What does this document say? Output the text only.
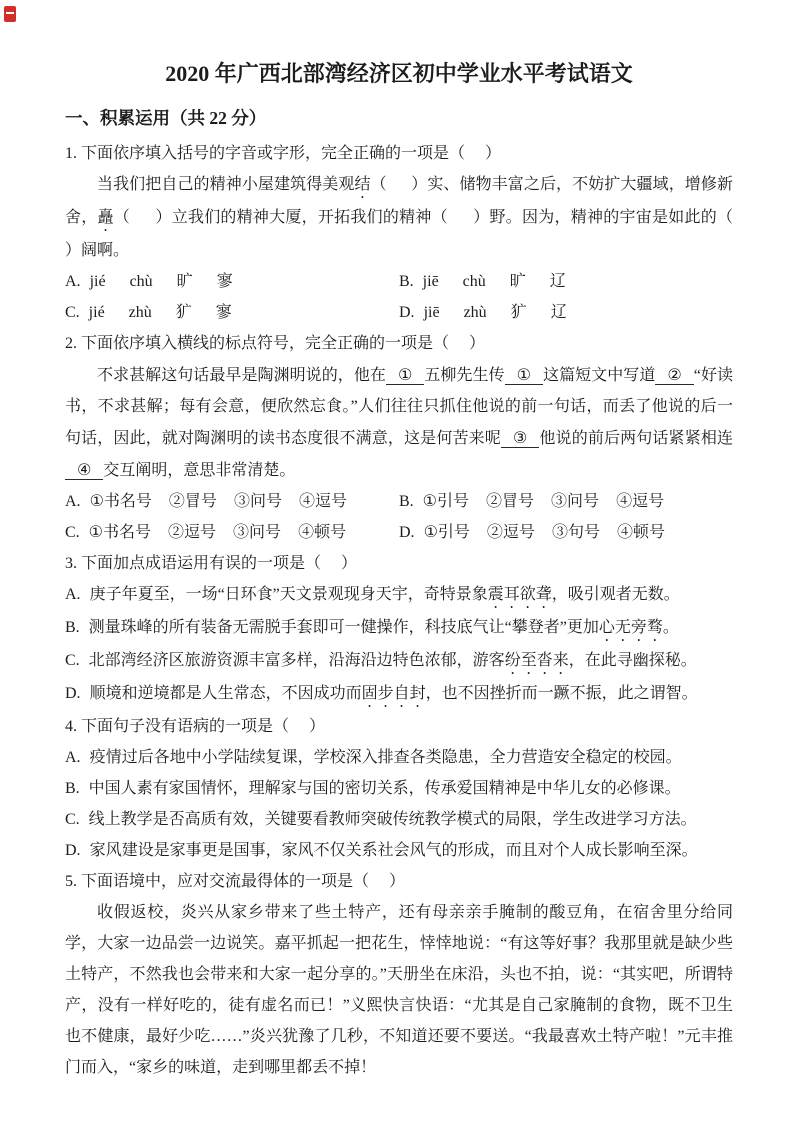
2020 年广西北部湾经济区初中学业水平考试语文
一、积累运用（共 22 分）
1. 下面依序填入括号的字音或字形，完全正确的一项是（     ）

当我们把自己的精神小屋建筑得美观结（      ）实、储物丰富之后，不妨扩大疆域，增修新舍，矗（      ）立我们的精神大厦，开拓我们的精神（      ）野。因为，精神的宇宙是如此的（      ）阔啊。

A. jié chù 旷 寥	B. jiē chù 旷 辽
C. jié zhù 犷 寥	D. jiē zhù 犷 辽
2. 下面依序填入横线的标点符号，完全正确的一项是（     ）

不求甚解这句话最早是陶渊明说的，他在 ① 五柳先生传 ① 这篇短文中写道 ② “好读书，不求甚解；每有会意，便欣然忘食。”人们往往只抓住他说的前一句话，而丢了他说的后一句话，因此，就对陶渊明的读书态度很不满意，这是何苦来呢 ③ 他说的前后两句话紧紧相连④ 交互阐明，意思非常清楚。

A. ①书名号 ②冒号 ③问号 ④逗号	B. ①引号 ②冒号 ③问号 ④逗号
C. ①书名号 ②逗号 ③问号 ④顿号	D. ①引号 ②逗号 ③句号 ④顿号
3. 下面加点成语运用有误的一项是（     ）
A. 庚子年夏至，一场“日环食”天文景观现身天宇，奇特景象震耳欲聋，吸引观者无数。
B. 测量珠峰的所有装备无需脱手套即可一健操作，科技底气让“攀登者”更加心无旁骛。
C. 北部湾经济区旅游资源丰富多样，沿海沿边特色浓郁，游客纷至沓来，在此寻幽探秘。
D. 顺境和逆境都是人生常态，不因成功而固步自封，也不因挫折而一蹶不振，此之谓智。
4. 下面句子没有语病的一项是（     ）
A. 疫情过后各地中小学陆续复课，学校深入排查各类隐患，全力营造安全稳定的校园。
B. 中国人素有家国情怀，理解家与国的密切关系，传承爱国精神是中华儿女的必修课。
C. 线上教学是否高质有效，关键要看教师突破传统教学模式的局限，学生改进学习方法。
D. 家风建设是家事更是国事，家风不仅关系社会风气的形成，而且对个人成长影响至深。
5. 下面语境中，应对交流最得体的一项是（     ）

收假返校，炎兴从家乡带来了些土特产，还有母亲亲手腌制的酸豆角，在宿舍里分给同学，大家一边品尝一边说笑。嘉平抓起一把花生，悻悻地说：“有这等好事？我那里就是缺少些土特产，不然我也会带来和大家一起分享的。”天册坐在床沿，头也不拍，说：“其实吧，所谓特产，没有一样好吃的，徒有虚名而已！”义熙快言快语：“尤其是自己家腌制的食物，既不卫生也不健康，最好少吃……”炎兴犹豫了几秒，不知道还要不要送。“我最喜欢土特产啦！”元丰推门而入，“家乡的味道，走到哪里都丢不掉！
